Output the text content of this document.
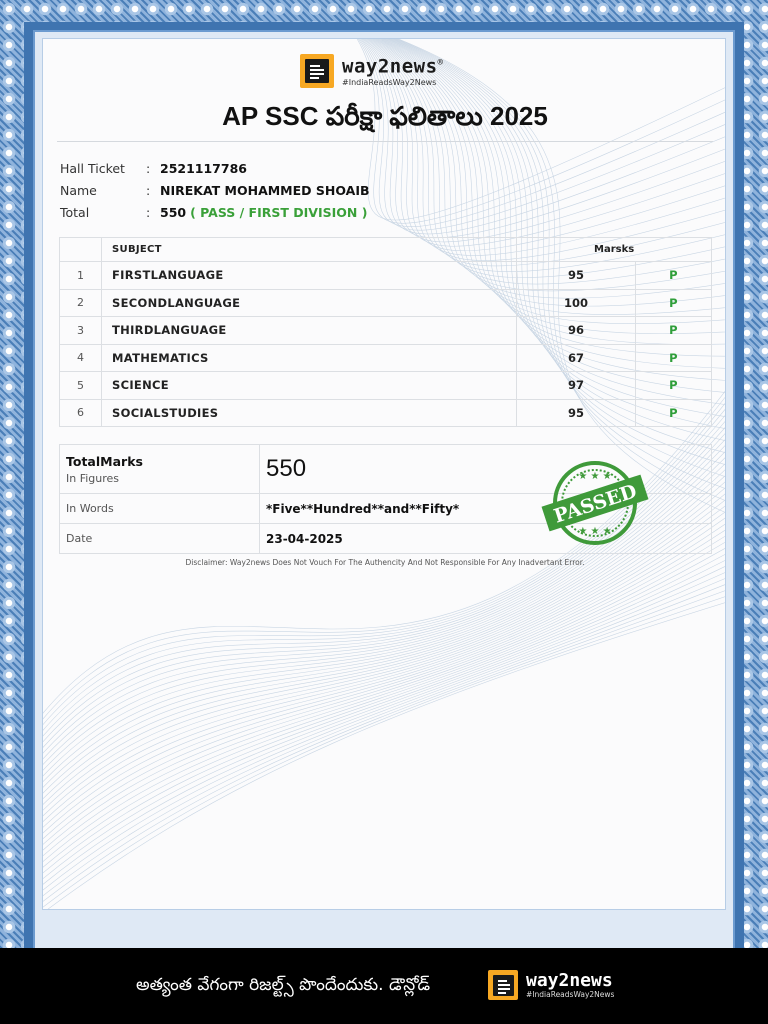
way2news®
#IndiaReadsWay2News
AP SSC పరీక్షా ఫలితాలు 2025
Hall Ticket	: 2521117786
Name	: NIREKAT MOHAMMED SHOAIB
Total	: 550 ( PASS / FIRST DIVISION )
	SUBJECT	Marsks	
1	FIRSTLANGUAGE	95	P
2	SECONDLANGUAGE	100	P
3	THIRDLANGUAGE	96	P
4	MATHEMATICS	67	P
5	SCIENCE	97	P
6	SOCIALSTUDIES	95	P
TotalMarks
In Figures	550
In Words	*Five**Hundred**and**Fifty*
Date	23-04-2025
PASSED
★ ★ ★
★ ★ ★
Disclaimer: Way2news Does Not Vouch For The Authencity And Not Responsible For Any Inadvertant Error.
అత్యంత వేగంగా రిజల్ట్స్ పొందేందుకు. డౌన్లోడ్	way2news
#IndiaReadsWay2News
